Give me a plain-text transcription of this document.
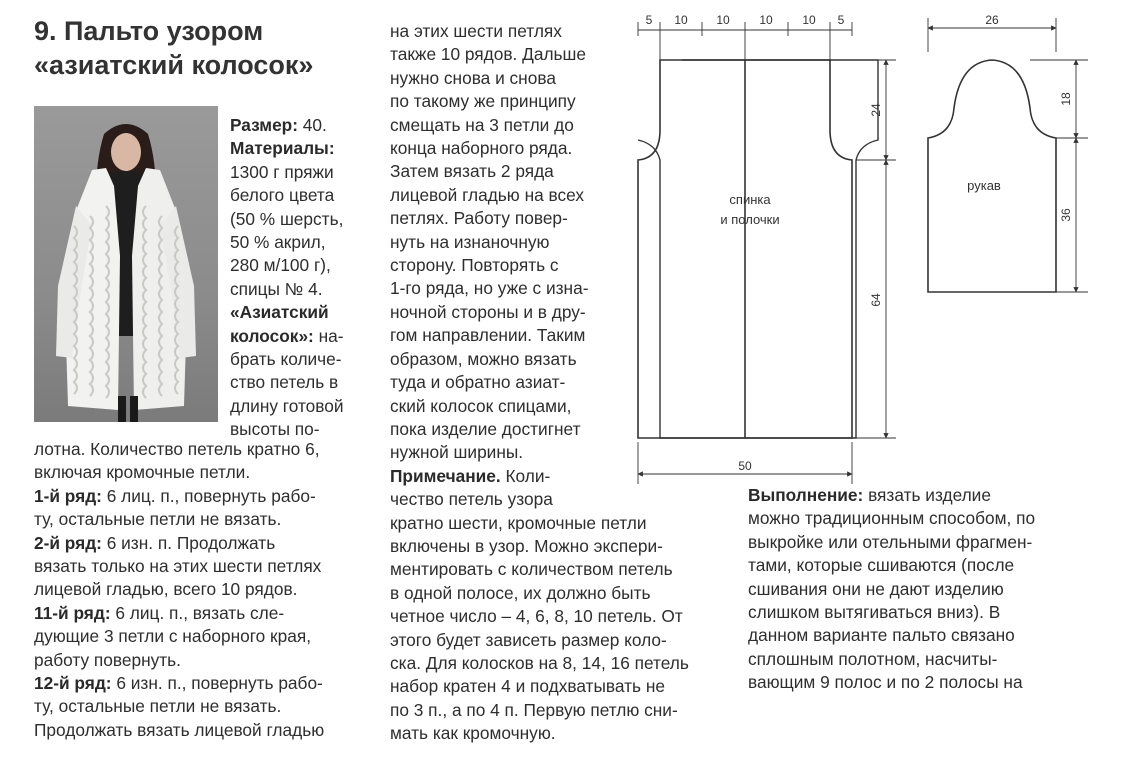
9. Пальто узором
«азиатский колосок»

Размер: 40.

Материалы:

1300 г пряжи

белого цвета

(50 % шерсть,

50 % акрил,

280 м/100 г),

спицы № 4.

«Азиатский

колосок»: на-

брать количе-

ство петель в

длину готовой

высоты по-

лотна. Количество петель кратно 6,

включая кромочные петли.

1-й ряд: 6 лиц. п., повернуть рабо-

ту, остальные петли не вязать.

2-й ряд: 6 изн. п. Продолжать

вязать только на этих шести петлях

лицевой гладью, всего 10 рядов.

11-й ряд: 6 лиц. п., вязать сле-

дующие 3 петли с наборного края,

работу повернуть.

12-й ряд: 6 изн. п., повернуть рабо-

ту, остальные петли не вязать.

Продолжать вязать лицевой гладью

на этих шести петлях

также 10 рядов. Дальше

нужно снова и снова

по такому же принципу

смещать на 3 петли до

конца наборного ряда.

Затем вязать 2 ряда

лицевой гладью на всех

петлях. Работу повер-

нуть на изнаночную

сторону. Повторять с

1-го ряда, но уже с изна-

ночной стороны и в дру-

гом направлении. Таким

образом, можно вязать

туда и обратно азиат-

ский колосок спицами,

пока изделие достигнет

нужной ширины.

Примечание. Коли-

чество петель узора

кратно шести, кромочные петли

включены в узор. Можно экспери-

ментировать с количеством петель

в одной полосе, их должно быть

четное число – 4, 6, 8, 10 петель. От

этого будет зависеть размер коло-

ска. Для колосков на 8, 14, 16 петель

набор кратен 4 и подхватывать не

по 3 п., а по 4 п. Первую петлю сни-

мать как кромочную.

Выполнение: вязать изделие

можно традиционным способом, по

выкройке или отельными фрагмен-

тами, которые сшиваются (после

сшивания они не дают изделию

слишком вытягиваться вниз). В

данном варианте пальто связано

сплошным полотном, насчиты-

вающим 9 полос и по 2 полосы на

5 10 10 10 10 5
24
64
50
спинка
и полочки
26
18
36
рукав
